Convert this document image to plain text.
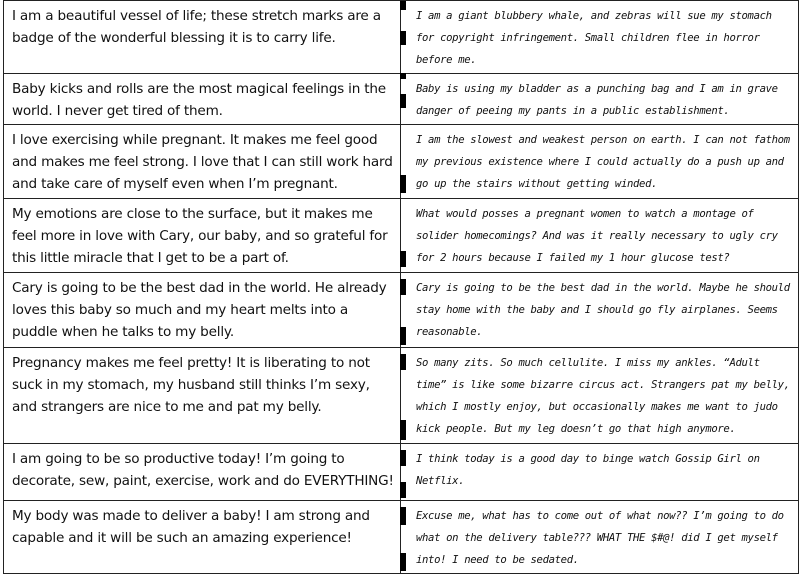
I am a beautiful vessel of life; these stretch marks are a badge of the wonderful blessing it is to carry life.	I am a giant blubbery whale, and zebras will sue my stomach for copyright infringement. Small children flee in horror before me.

Baby kicks and rolls are the most magical feelings in the world. I never get tired of them.	Baby is using my bladder as a punching bag and I am in grave danger of peeing my pants in a public establishment.

I love exercising while pregnant. It makes me feel good and makes me feel strong. I love that I can still work hard and take care of myself even when I’m pregnant.	I am the slowest and weakest person on earth. I can not fathom my previous existence where I could actually do a push up and go up the stairs without getting winded.

My emotions are close to the surface, but it makes me feel more in love with Cary, our baby, and so grateful for this little miracle that I get to be a part of.	What would posses a pregnant women to watch a montage of solider homecomings? And was it really necessary to ugly cry for 2 hours because I failed my 1 hour glucose test?

Cary is going to be the best dad in the world. He already loves this baby so much and my heart melts into a puddle when he talks to my belly.	Cary is going to be the best dad in the world. Maybe he should stay home with the baby and I should go fly airplanes. Seems reasonable.

Pregnancy makes me feel pretty! It is liberating to not suck in my stomach, my husband still thinks I’m sexy, and strangers are nice to me and pat my belly.	So many zits. So much cellulite. I miss my ankles. “Adult time” is like some bizarre circus act. Strangers pat my belly, which I mostly enjoy, but occasionally makes me want to judo kick people. But my leg doesn’t go that high anymore.

I am going to be so productive today! I’m going to decorate, sew, paint, exercise, work and do EVERYTHING!	I think today is a good day to binge watch Gossip Girl on Netflix.

My body was made to deliver a baby! I am strong and capable and it will be such an amazing experience!	Excuse me, what has to come out of what now?? I’m going to do what on the delivery table??? WHAT THE $#@! did I get myself into! I need to be sedated.
